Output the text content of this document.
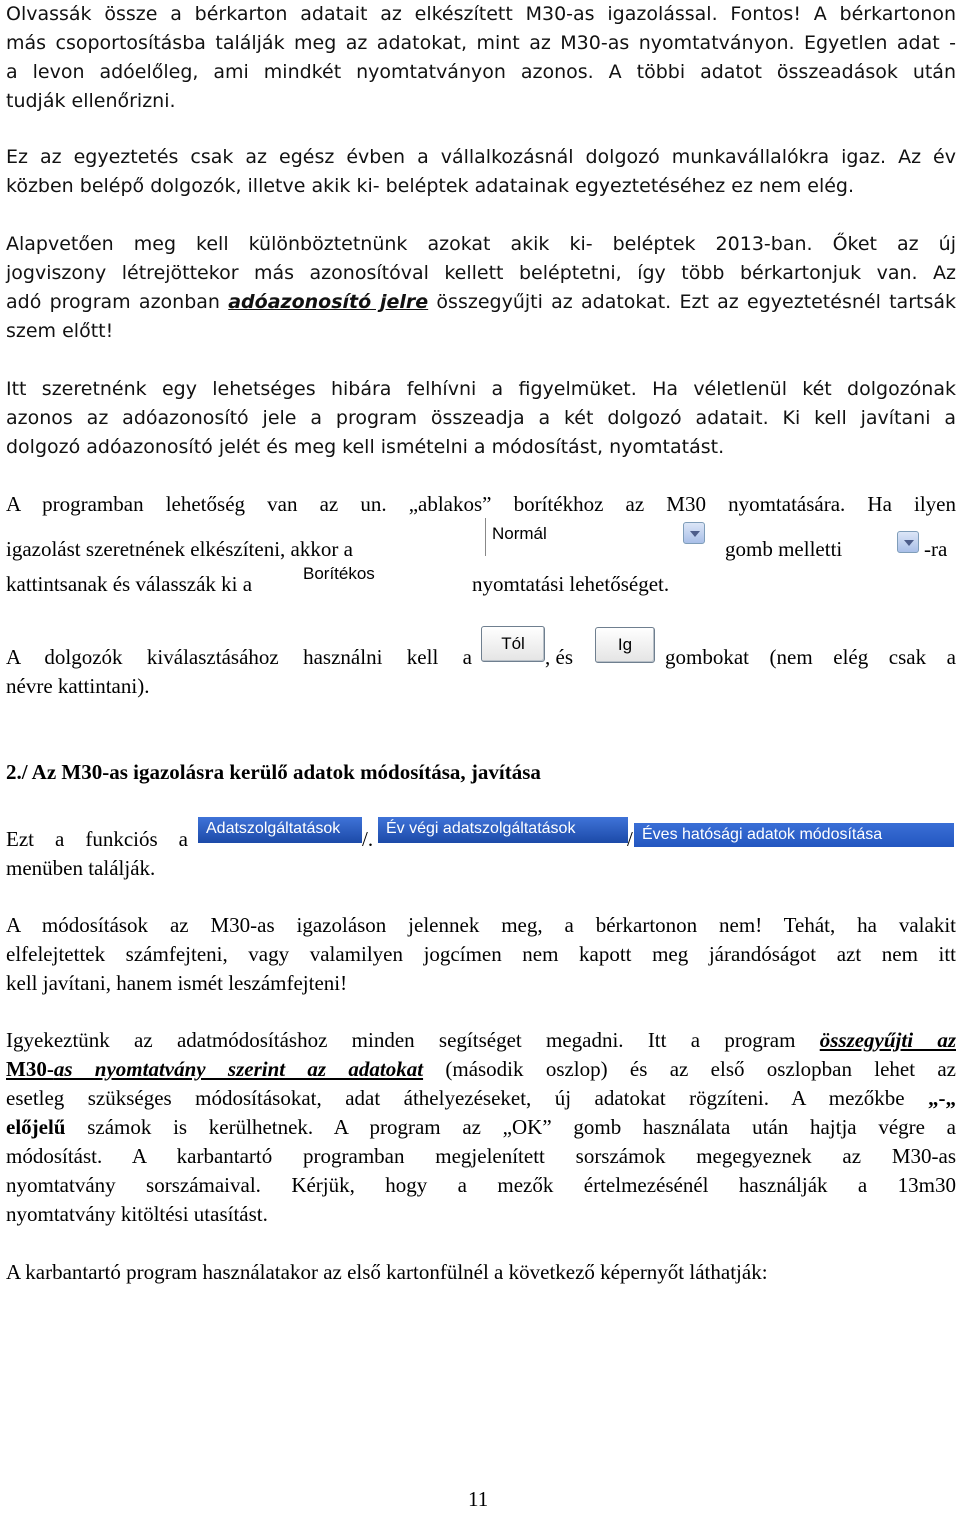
Olvassák össze a bérkarton adatait az elkészített M30-as igazolással. Fontos! A bérkartonon
más csoportosításba találják meg az adatokat, mint az M30-as nyomtatványon. Egyetlen adat -
a levon adóelőleg, ami mindkét nyomtatványon azonos. A többi adatot összeadások után
tudják ellenőrizni.
Ez az egyeztetés csak az egész évben a vállalkozásnál dolgozó munkavállalókra igaz. Az év
közben belépő dolgozók, illetve akik ki- beléptek adatainak egyeztetéséhez ez nem elég.
Alapvetően meg kell különböztetnünk azokat akik ki- beléptek 2013-ban. Őket az új
jogviszony létrejöttekor más azonosítóval kellett beléptetni, így több bérkartonjuk van. Az
adó program azonban adóazonosító jelre összegyűjti az adatokat. Ezt az egyeztetésnél tartsák
szem előtt!
Itt szeretnénk egy lehetséges hibára felhívni a figyelmüket. Ha véletlenül két dolgozónak
azonos az adóazonosító jele a program összeadja a két dolgozó adatait. Ki kell javítani a
dolgozó adóazonosító jelét és meg kell ismételni a módosítást, nyomtatást.
A programban lehetőség van az un. „ablakos” borítékhoz az M30 nyomtatására. Ha ilyen
igazolást szeretnének elkészíteni, akkor a
Normál
gomb melletti	-ra
kattintsanak és válasszák ki a	Borítékos	nyomtatási lehetőséget.
A dolgozók kiválasztásához használni kell a
Tól
, és
Ig
gombokat (nem elég csak a
névre kattintani).
2./ Az M30-as igazolásra kerülő adatok módosítása, javítása
Ezt a funkciós a	Adatszolgáltatások	/. Év végi adatszolgáltatások	/ Éves hatósági adatok módosítása
menüben találják.
A módosítások az M30-as igazoláson jelennek meg, a bérkartonon nem! Tehát, ha valakit
elfelejtettek számfejteni, vagy valamilyen jogcímen nem kapott meg járandóságot azt nem itt
kell javítani, hanem ismét leszámfejteni!
Igyekeztünk az adatmódosításhoz minden segítséget megadni. Itt a program összegyűjti az
M30-as nyomtatvány szerint az adatokat (második oszlop) és az első oszlopban lehet az
esetleg szükséges módosításokat, adat áthelyezéseket, új adatokat rögzíteni. A mezőkbe „-„
előjelű számok is kerülhetnek. A program az „OK” gomb használata után hajtja végre a
módosítást. A karbantartó programban megjelenített sorszámok megegyeznek az M30-as
nyomtatvány sorszámaival. Kérjük, hogy a mezők értelmezésénél használják a 13m30
nyomtatvány kitöltési utasítást.
A karbantartó program használatakor az első kartonfülnél a következő képernyőt láthatják:
11
